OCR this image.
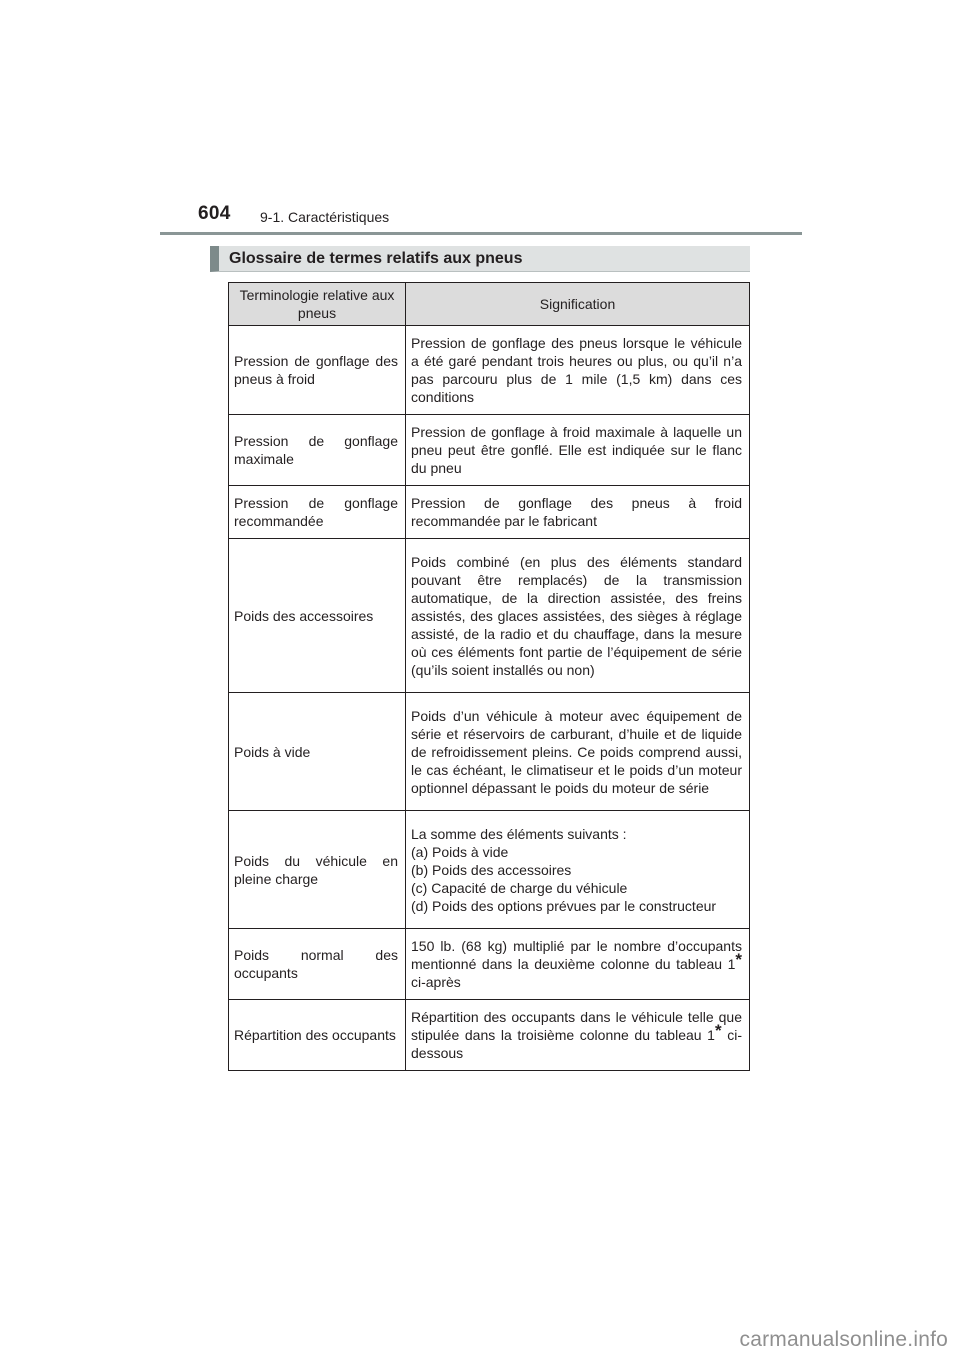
604 9-1. Caractéristiques
Glossaire de termes relatifs aux pneus
Terminologie relative aux pneus	Signification
Pression de gonflage des pneus à froid	Pression de gonflage des pneus lorsque le véhicule a été garé pendant trois heures ou plus, ou qu’il n’a pas parcouru plus de 1 mile (1,5 km) dans ces conditions
Pression de gonflage maximale	Pression de gonflage à froid maximale à laquelle un pneu peut être gonflé. Elle est indiquée sur le flanc du pneu
Pression de gonflage recommandée	Pression de gonflage des pneus à froid recommandée par le fabricant
Poids des accessoires	Poids combiné (en plus des éléments standard pouvant être remplacés) de la transmission automatique, de la direction assistée, des freins assistés, des glaces assistées, des sièges à réglage assisté, de la radio et du chauffage, dans la mesure où ces éléments font partie de l’équipement de série (qu’ils soient installés ou non)
Poids à vide	Poids d’un véhicule à moteur avec équipement de série et réservoirs de carburant, d’huile et de liquide de refroidissement pleins. Ce poids comprend aussi, le cas échéant, le climatiseur et le poids d’un moteur optionnel dépassant le poids du moteur de série
Poids du véhicule en pleine charge	La somme des éléments suivants :
(a) Poids à vide
(b) Poids des accessoires
(c) Capacité de charge du véhicule
(d) Poids des options prévues par le constructeur

Poids normal des occupants	150 lb. (68 kg) multiplié par le nombre d’occupants mentionné dans la deuxième colonne du tableau 1* ci-après
Répartition des occupants	Répartition des occupants dans le véhicule telle que stipulée dans la troisième colonne du tableau 1* ci-dessous
carmanualsonline.info
